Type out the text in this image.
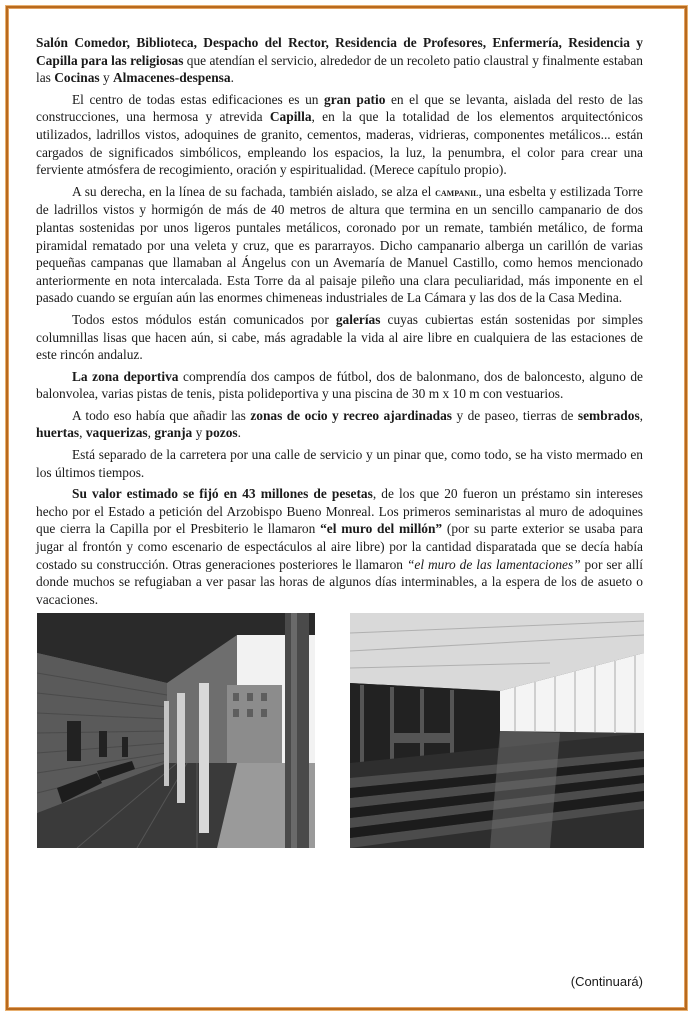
Salón Comedor, Biblioteca, Despacho del Rector, Residencia de Profesores, Enfermería, Residencia y Capilla para las religiosas que atendían el servicio, alrededor de un recoleto patio claustral y finalmente estaban las Cocinas y Almacenes-despensa.

El centro de todas estas edificaciones es un gran patio en el que se levanta, aislada del resto de las construcciones, una hermosa y atrevida Capilla, en la que la totalidad de los elementos arquitectónicos utilizados, ladrillos vistos, adoquines de granito, cementos, maderas, vidrieras, componentes metálicos... están cargados de significados simbólicos, empleando los espacios, la luz, la penumbra, el color para crear una ferviente atmósfera de recogimiento, oración y espiritualidad. (Merece capítulo propio).

A su derecha, en la línea de su fachada, también aislado, se alza el campanil, una esbelta y estilizada Torre de ladrillos vistos y hormigón de más de 40 metros de altura que termina en un sencillo campanario de dos plantas sostenidas por unos ligeros puntales metálicos, coronado por un remate, también metálico, de forma piramidal rematado por una veleta y cruz, que es pararrayos. Dicho campanario alberga un carillón de varias pequeñas campanas que llamaban al Ángelus con un Avemaría de Manuel Castillo, como hemos mencionado anteriormente en nota intercalada. Esta Torre da al paisaje pileño una clara peculiaridad, más imponente en el pasado cuando se erguían aún las enormes chimeneas industriales de La Cámara y las dos de la Casa Medina.

Todos estos módulos están comunicados por galerías cuyas cubiertas están sostenidas por simples columnillas lisas que hacen aún, si cabe, más agradable la vida al aire libre en cualquiera de las estaciones de este rincón andaluz.

La zona deportiva comprendía dos campos de fútbol, dos de balonmano, dos de baloncesto, alguno de balonvolea, varias pistas de tenis, pista polideportiva y una piscina de 30 m x 10 m con vestuarios.

A todo eso había que añadir las zonas de ocio y recreo ajardinadas y de paseo, tierras de sembrados, huertas, vaquerizas, granja y pozos.

Está separado de la carretera por una calle de servicio y un pinar que, como todo, se ha visto mermado en los últimos tiempos.

Su valor estimado se fijó en 43 millones de pesetas, de los que 20 fueron un préstamo sin intereses hecho por el Estado a petición del Arzobispo Bueno Monreal. Los primeros seminaristas al muro de adoquines que cierra la Capilla por el Presbiterio le llamaron “el muro del millón” (por su parte exterior se usaba para jugar al frontón y como escenario de espectáculos al aire libre) por la cantidad disparatada que se decía había costado su construcción. Otras generaciones posteriores le llamaron “el muro de las lamentaciones” por ser allí donde muchos se refugiaban a ver pasar las horas de algunos días interminables, a la espera de los de asueto o vacaciones.

(Continuará)
